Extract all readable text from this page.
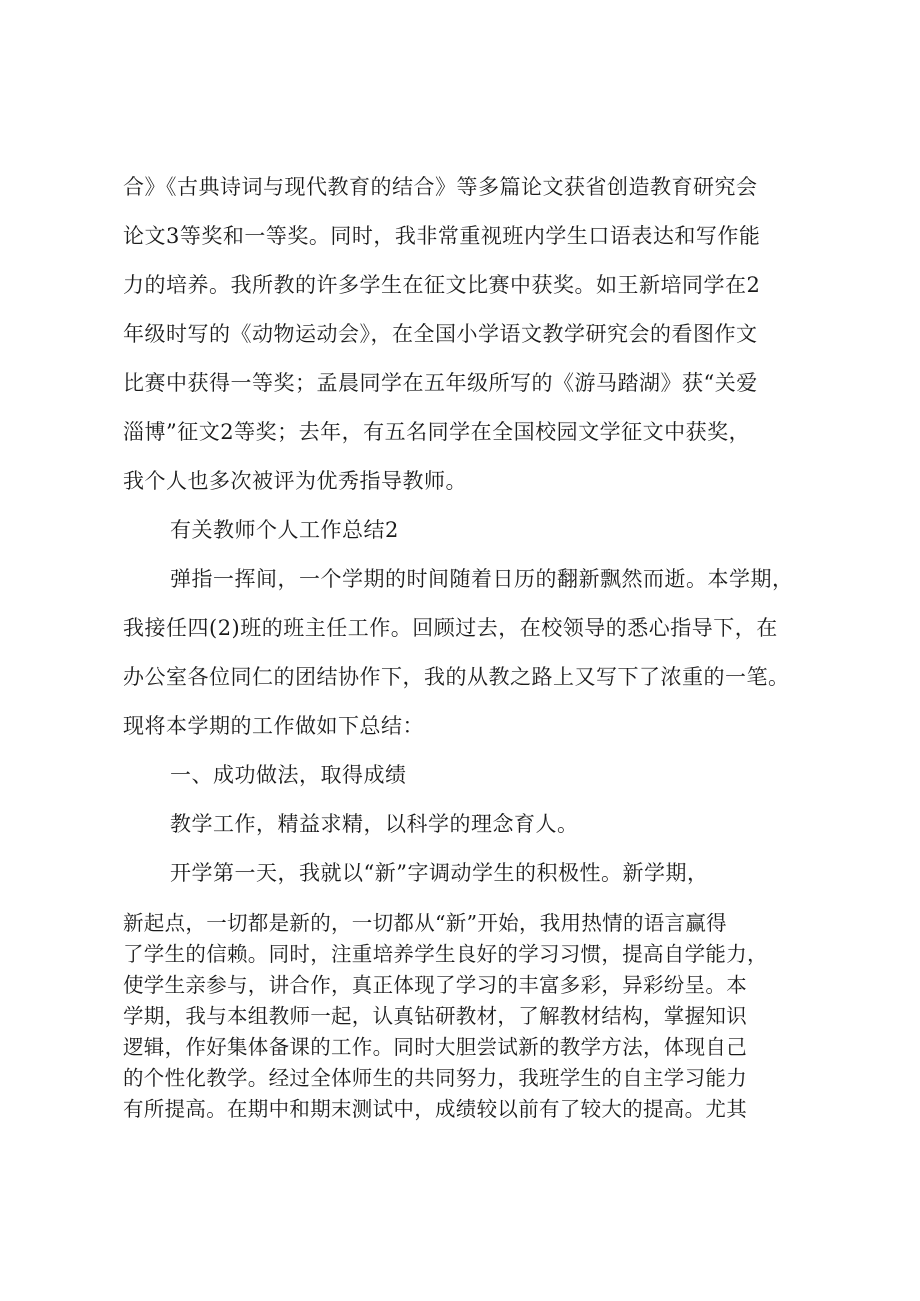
合》《古典诗词与现代教育的结合》等多篇论文获省创造教育研究会
论文3等奖和一等奖。同时，我非常重视班内学生口语表达和写作能
力的培养。我所教的许多学生在征文比赛中获奖。如王新培同学在2
年级时写的《动物运动会》，在全国小学语文教学研究会的看图作文
比赛中获得一等奖；孟晨同学在五年级所写的《游马踏湖》获“关爱
淄博”征文2等奖；去年，有五名同学在全国校园文学征文中获奖，
我个人也多次被评为优秀指导教师。
有关教师个人工作总结2
弹指一挥间，一个学期的时间随着日历的翻新飘然而逝。本学期，
我接任四(2)班的班主任工作。回顾过去，在校领导的悉心指导下，在
办公室各位同仁的团结协作下，我的从教之路上又写下了浓重的一笔。
现将本学期的工作做如下总结：
一、成功做法，取得成绩
教学工作，精益求精，以科学的理念育人。
开学第一天，我就以“新”字调动学生的积极性。新学期，
新起点，一切都是新的，一切都从“新”开始，我用热情的语言赢得
了学生的信赖。同时，注重培养学生良好的学习习惯，提高自学能力，
使学生亲参与，讲合作，真正体现了学习的丰富多彩，异彩纷呈。本
学期，我与本组教师一起，认真钻研教材，了解教材结构，掌握知识
逻辑，作好集体备课的工作。同时大胆尝试新的教学方法，体现自己
的个性化教学。经过全体师生的共同努力，我班学生的自主学习能力
有所提高。在期中和期末测试中，成绩较以前有了较大的提高。尤其
